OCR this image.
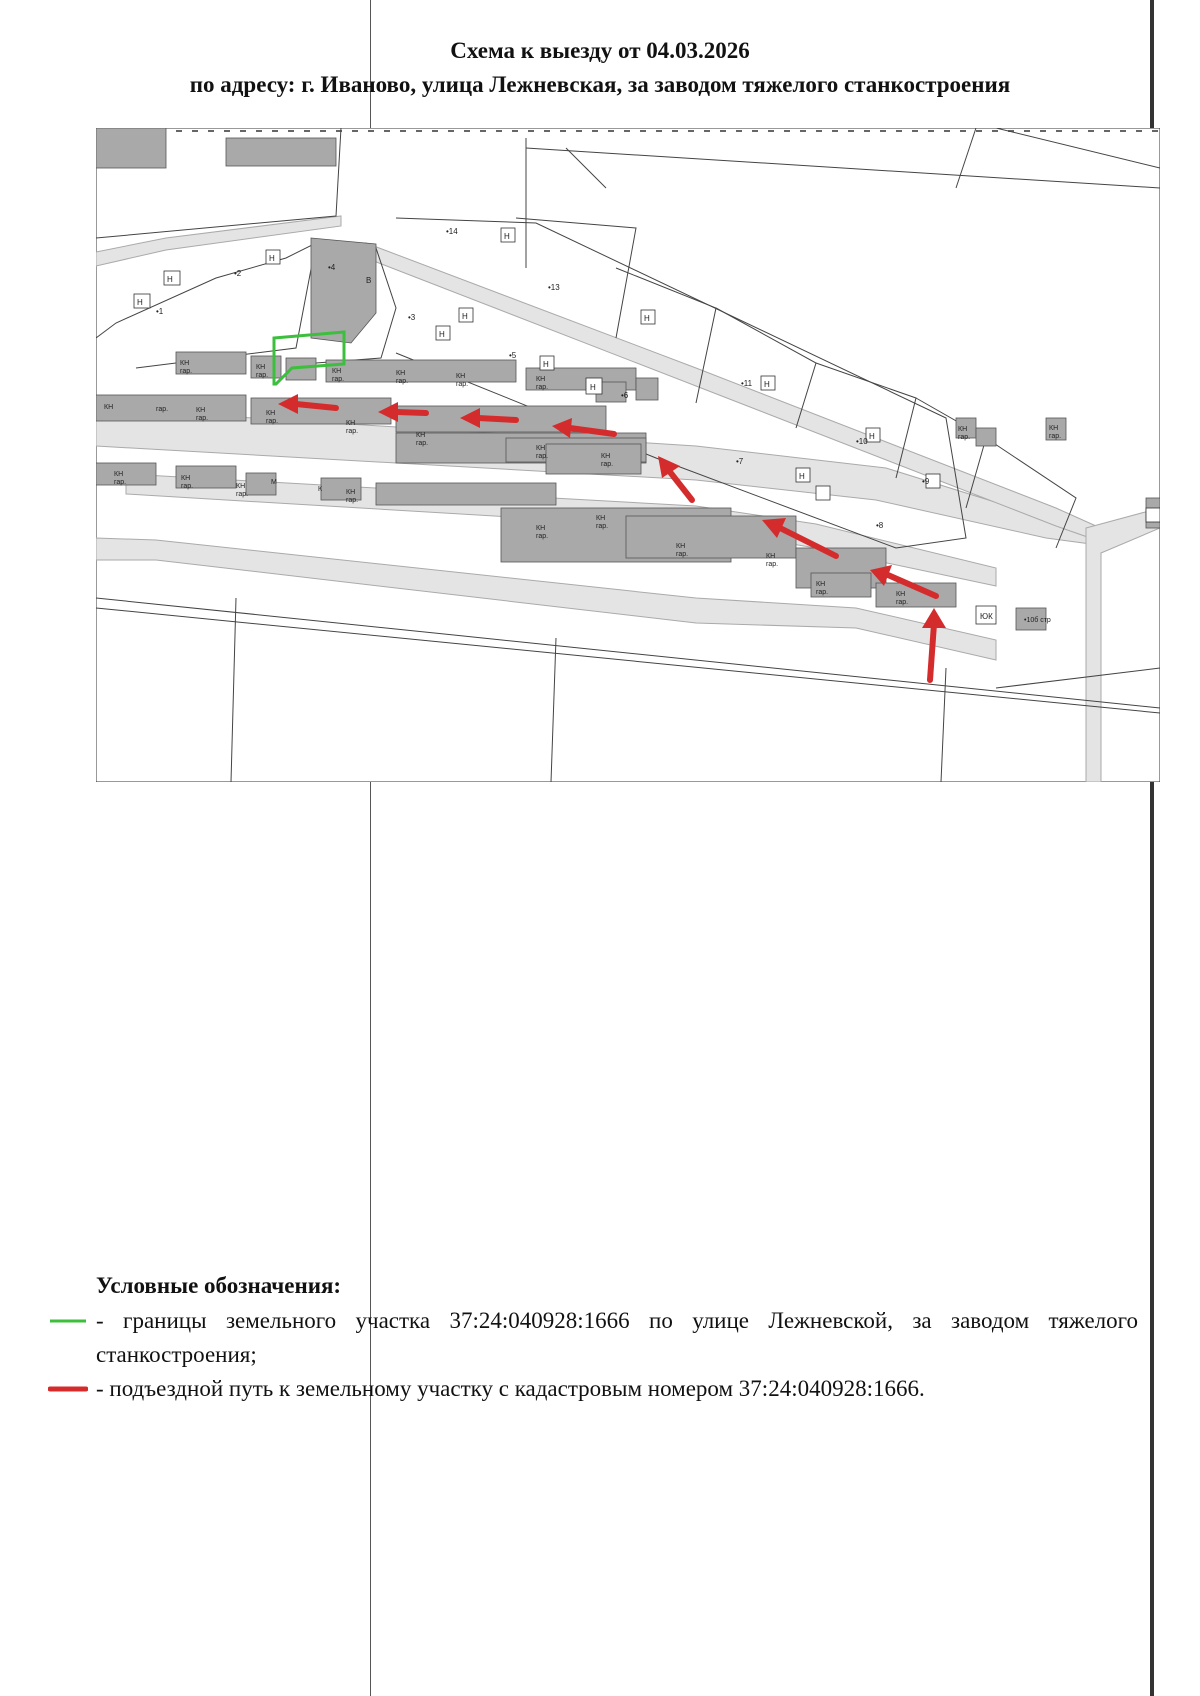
Схема к выезду от 04.03.2026
по адресу: г. Иваново, улица Лежневская, за заводом тяжелого станкостроения
•1
•2
•3
•4
•5
•6
•7
•8
•9
•10
•11
•13
•14
•10б стр
Н
Н
Н
Н
Н
Н
Н
Н
Н
Н
Н
Н
В
ЮК
КН
гар.
КН
гар.
КН
гар.
КН
гар.
КН
гар.
КН
гар.
КН	гар.	КН
гар.
КН
гар.	КН
гар.
КН
гар.
КН
гар.	КН
гар.
КН
гар.
КН
гар.	КН
гар.
М
К	КН
гар.
КН
гар.
КН
гар.
КН
гар.	КН
гар.
КН
гар.	КН
гар.
КН
гар.
КН
гар.
Условные обозначения:
- границы земельного участка 37:24:040928:1666 по улице Лежневской, за заводом тяжелого станкостроения;
- подъездной путь к земельному участку с кадастровым номером 37:24:040928:1666.
